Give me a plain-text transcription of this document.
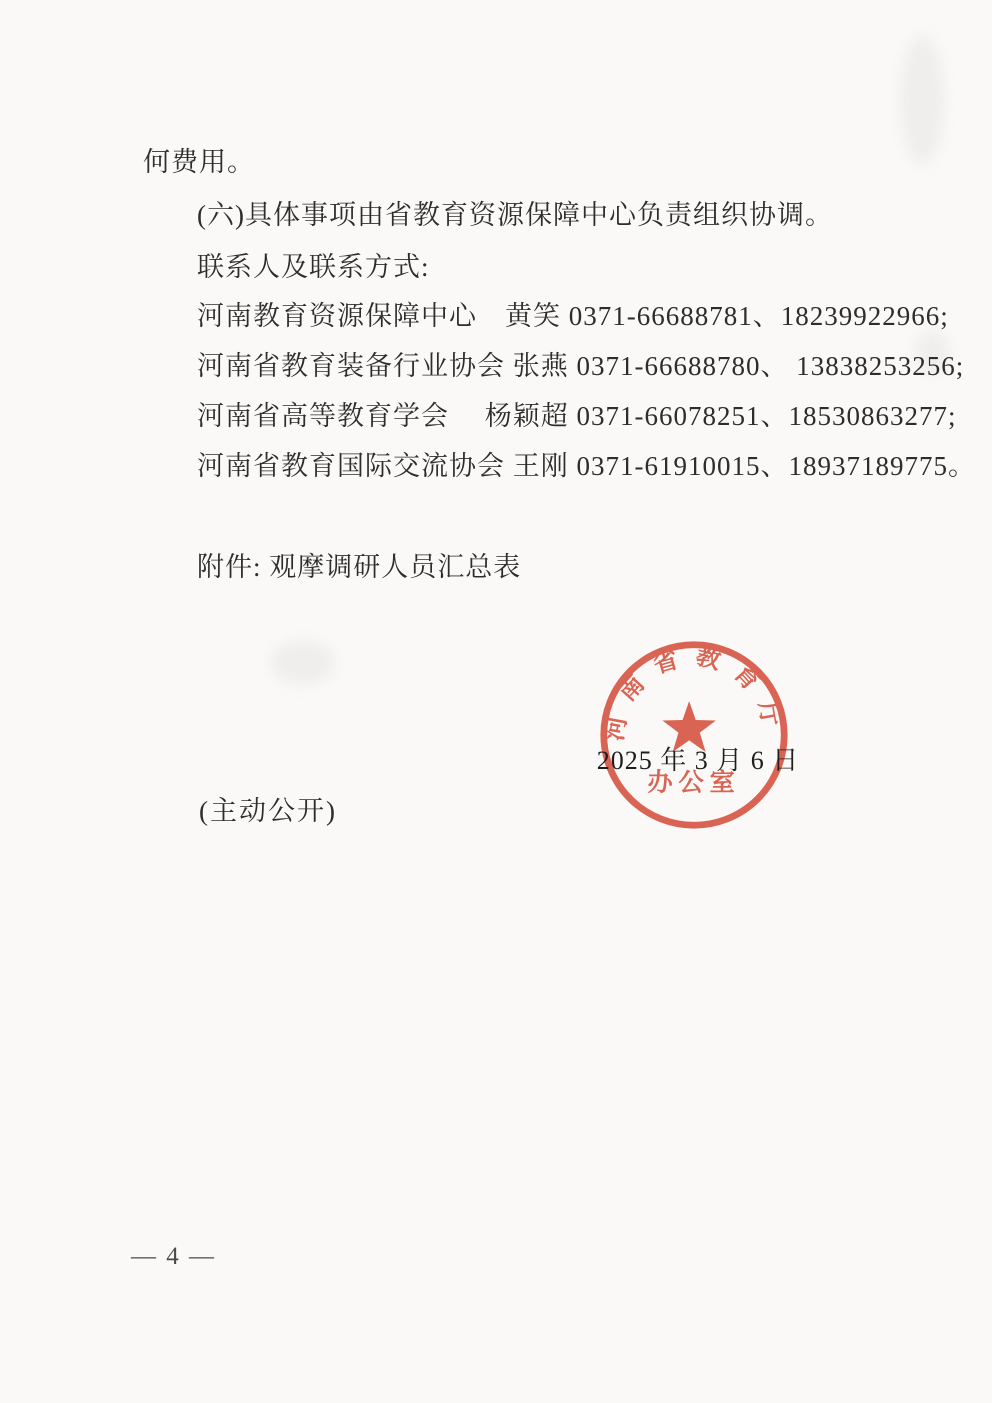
何费用。

(六)具体事项由省教育资源保障中心负责组织协调。

联系人及联系方式:

河南教育资源保障中心　黄笑 0371-66688781、18239922966;

河南省教育装备行业协会 张燕 0371-66688780、 13838253256;

河南省高等教育学会　 杨颖超 0371-66078251、18530863277;

河南省教育国际交流协会 王刚 0371-61910015、18937189775。

附件: 观摩调研人员汇总表

河南省教育厅
办公室

2025 年 3 月 6 日

(主动公开)

— 4 —
